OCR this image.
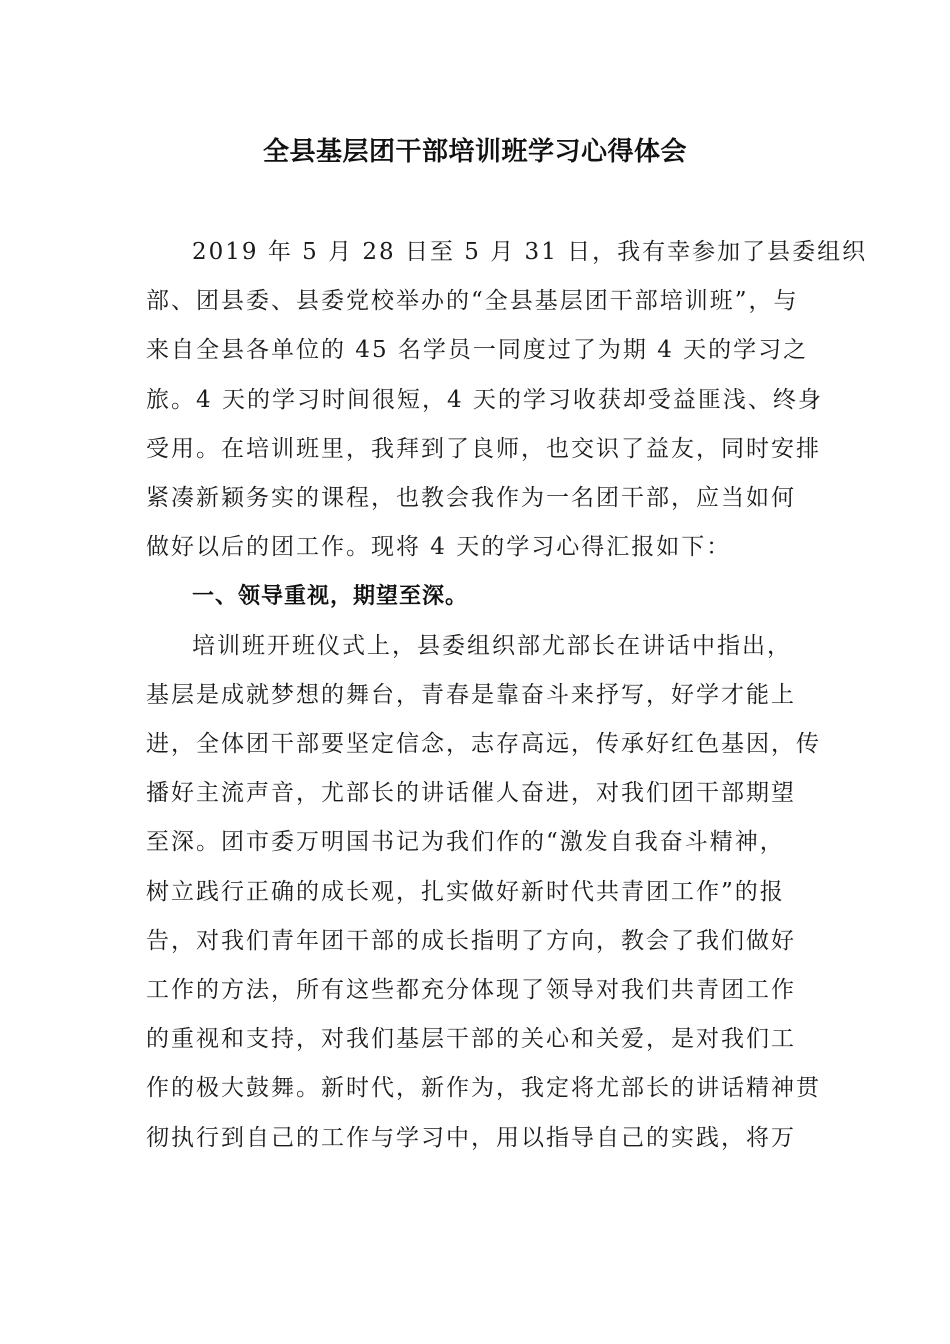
全县基层团干部培训班学习心得体会
2019 年 5 月 28 日至 5 月 31 日，我有幸参加了县委组织
部、团县委、县委党校举办的“全县基层团干部培训班”，与
来自全县各单位的 45 名学员一同度过了为期 4 天的学习之
旅。4 天的学习时间很短，4 天的学习收获却受益匪浅、终身
受用。在培训班里，我拜到了良师，也交识了益友，同时安排
紧凑新颖务实的课程，也教会我作为一名团干部，应当如何
做好以后的团工作。现将 4 天的学习心得汇报如下：
一、领导重视，期望至深。
培训班开班仪式上，县委组织部尤部长在讲话中指出，
基层是成就梦想的舞台，青春是靠奋斗来抒写，好学才能上
进，全体团干部要坚定信念，志存高远，传承好红色基因，传
播好主流声音，尤部长的讲话催人奋进，对我们团干部期望
至深。团市委万明国书记为我们作的“激发自我奋斗精神，
树立践行正确的成长观，扎实做好新时代共青团工作”的报
告，对我们青年团干部的成长指明了方向，教会了我们做好
工作的方法，所有这些都充分体现了领导对我们共青团工作
的重视和支持，对我们基层干部的关心和关爱，是对我们工
作的极大鼓舞。新时代，新作为，我定将尤部长的讲话精神贯
彻执行到自己的工作与学习中，用以指导自己的实践，将万
